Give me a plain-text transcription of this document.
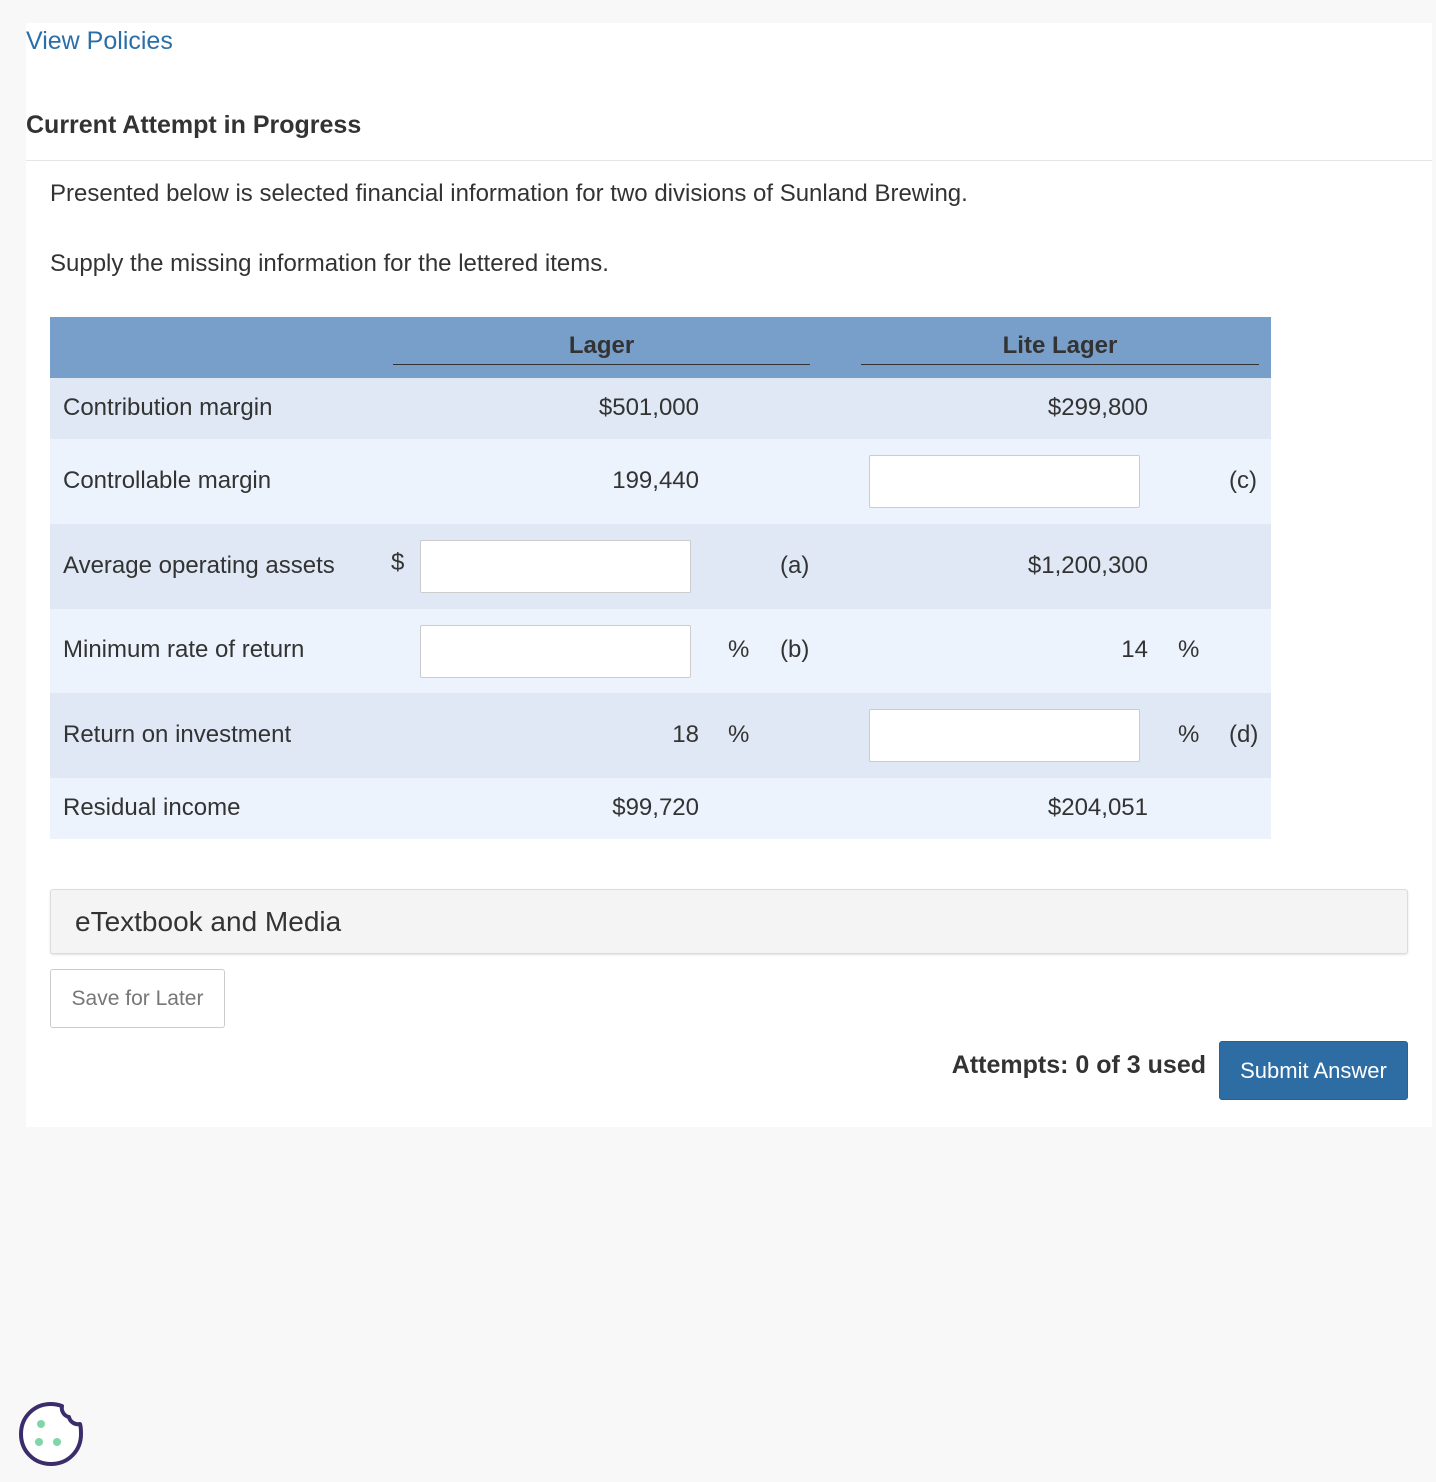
View Policies
Current Attempt in Progress
Presented below is selected financial information for two divisions of Sunland Brewing.
Supply the missing information for the lettered items.
Lager	Lite Lager
Contribution margin	$501,000	$299,800
Controllable margin	199,440	(c)
Average operating assets $	(a)	$1,200,300
Minimum rate of return	% (b)	14 %
Return on investment	18 %	% (d)
Residual income	$99,720	$204,051
eTextbook and Media
Save for Later
Attempts: 0 of 3 used	Submit Answer
